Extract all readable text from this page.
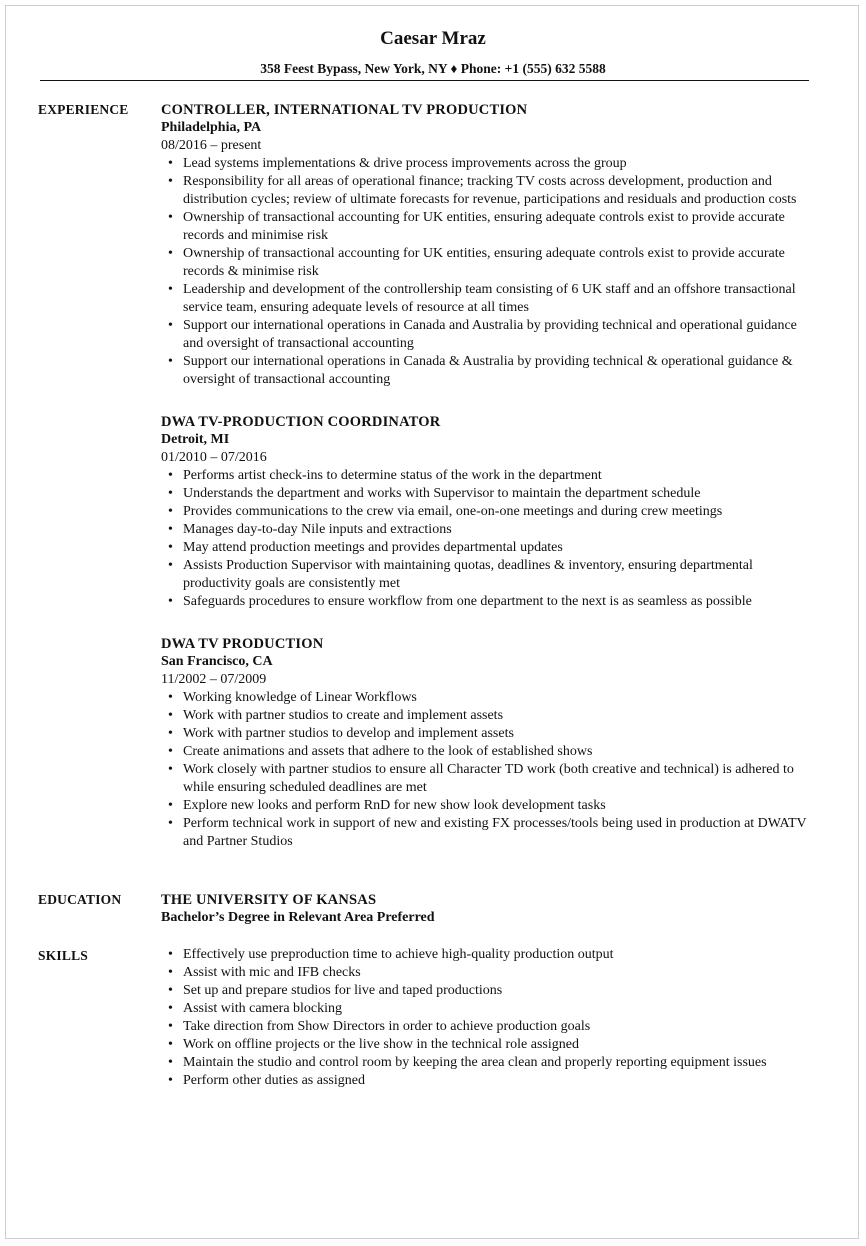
Caesar Mraz
358 Feest Bypass, New York, NY ♦ Phone: +1 (555) 632 5588
EXPERIENCE CONTROLLER, INTERNATIONAL TV PRODUCTION
Philadelphia, PA
08/2016 – present
• Lead systems implementations & drive process improvements across the group
• Responsibility for all areas of operational finance; tracking TV costs across development, production and distribution cycles; review of ultimate forecasts for revenue, participations and residuals and production costs
• Ownership of transactional accounting for UK entities, ensuring adequate controls exist to provide accurate records and minimise risk
• Ownership of transactional accounting for UK entities, ensuring adequate controls exist to provide accurate records & minimise risk
• Leadership and development of the controllership team consisting of 6 UK staff and an offshore transactional service team, ensuring adequate levels of resource at all times
• Support our international operations in Canada and Australia by providing technical and operational guidance and oversight of transactional accounting
• Support our international operations in Canada & Australia by providing technical & operational guidance & oversight of transactional accounting
DWA TV-PRODUCTION COORDINATOR
Detroit, MI
01/2010 – 07/2016
• Performs artist check-ins to determine status of the work in the department
• Understands the department and works with Supervisor to maintain the department schedule
• Provides communications to the crew via email, one-on-one meetings and during crew meetings
• Manages day-to-day Nile inputs and extractions
• May attend production meetings and provides departmental updates
• Assists Production Supervisor with maintaining quotas, deadlines & inventory, ensuring departmental productivity goals are consistently met
• Safeguards procedures to ensure workflow from one department to the next is as seamless as possible
DWA TV PRODUCTION
San Francisco, CA
11/2002 – 07/2009
• Working knowledge of Linear Workflows
• Work with partner studios to create and implement assets
• Work with partner studios to develop and implement assets
• Create animations and assets that adhere to the look of established shows
• Work closely with partner studios to ensure all Character TD work (both creative and technical) is adhered to while ensuring scheduled deadlines are met
• Explore new looks and perform RnD for new show look development tasks
• Perform technical work in support of new and existing FX processes/tools being used in production at DWATV and Partner Studios
EDUCATION	THE UNIVERSITY OF KANSAS
Bachelor’s Degree in Relevant Area Preferred
SKILLS
•	Effectively use preproduction time to achieve high-quality production output
• Assist with mic and IFB checks
• Set up and prepare studios for live and taped productions
• Assist with camera blocking
• Take direction from Show Directors in order to achieve production goals
• Work on offline projects or the live show in the technical role assigned
• Maintain the studio and control room by keeping the area clean and properly reporting equipment issues
• Perform other duties as assigned
